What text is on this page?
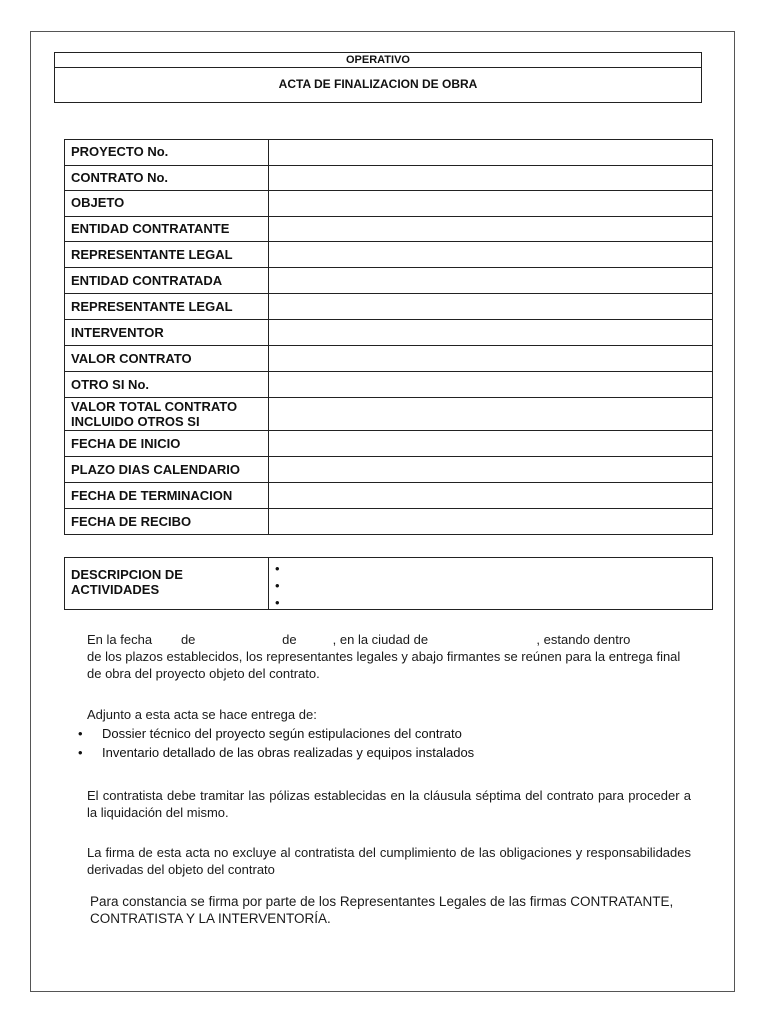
OPERATIVO
ACTA DE FINALIZACION DE OBRA
PROYECTO No.	
CONTRATO No.	
OBJETO	
ENTIDAD CONTRATANTE	
REPRESENTANTE LEGAL	
ENTIDAD CONTRATADA	
REPRESENTANTE LEGAL	
INTERVENTOR	
VALOR CONTRATO	
OTRO SI No.	
VALOR TOTAL CONTRATO INCLUIDO OTROS SI	
FECHA DE INICIO	
PLAZO DIAS CALENDARIO	
FECHA DE TERMINACION	
FECHA DE RECIBO	
DESCRIPCION DE ACTIVIDADES
•
•
•
En la fecha        de                        de          , en la ciudad de                              , estando dentro
de los plazos establecidos, los representantes legales y abajo firmantes se reúnen para la entrega final de obra del proyecto objeto del contrato.
Adjunto a esta acta se hace entrega de:
• Dossier técnico del proyecto según estipulaciones del contrato
• Inventario detallado de las obras realizadas y equipos instalados
El contratista debe tramitar las pólizas establecidas en la cláusula séptima del contrato para proceder a la liquidación del mismo.
La firma de esta acta no excluye al contratista del cumplimiento de las obligaciones y responsabilidades derivadas del objeto del contrato
Para constancia se firma por parte de los Representantes Legales de las firmas CONTRATANTE, CONTRATISTA Y LA INTERVENTORÍA.
